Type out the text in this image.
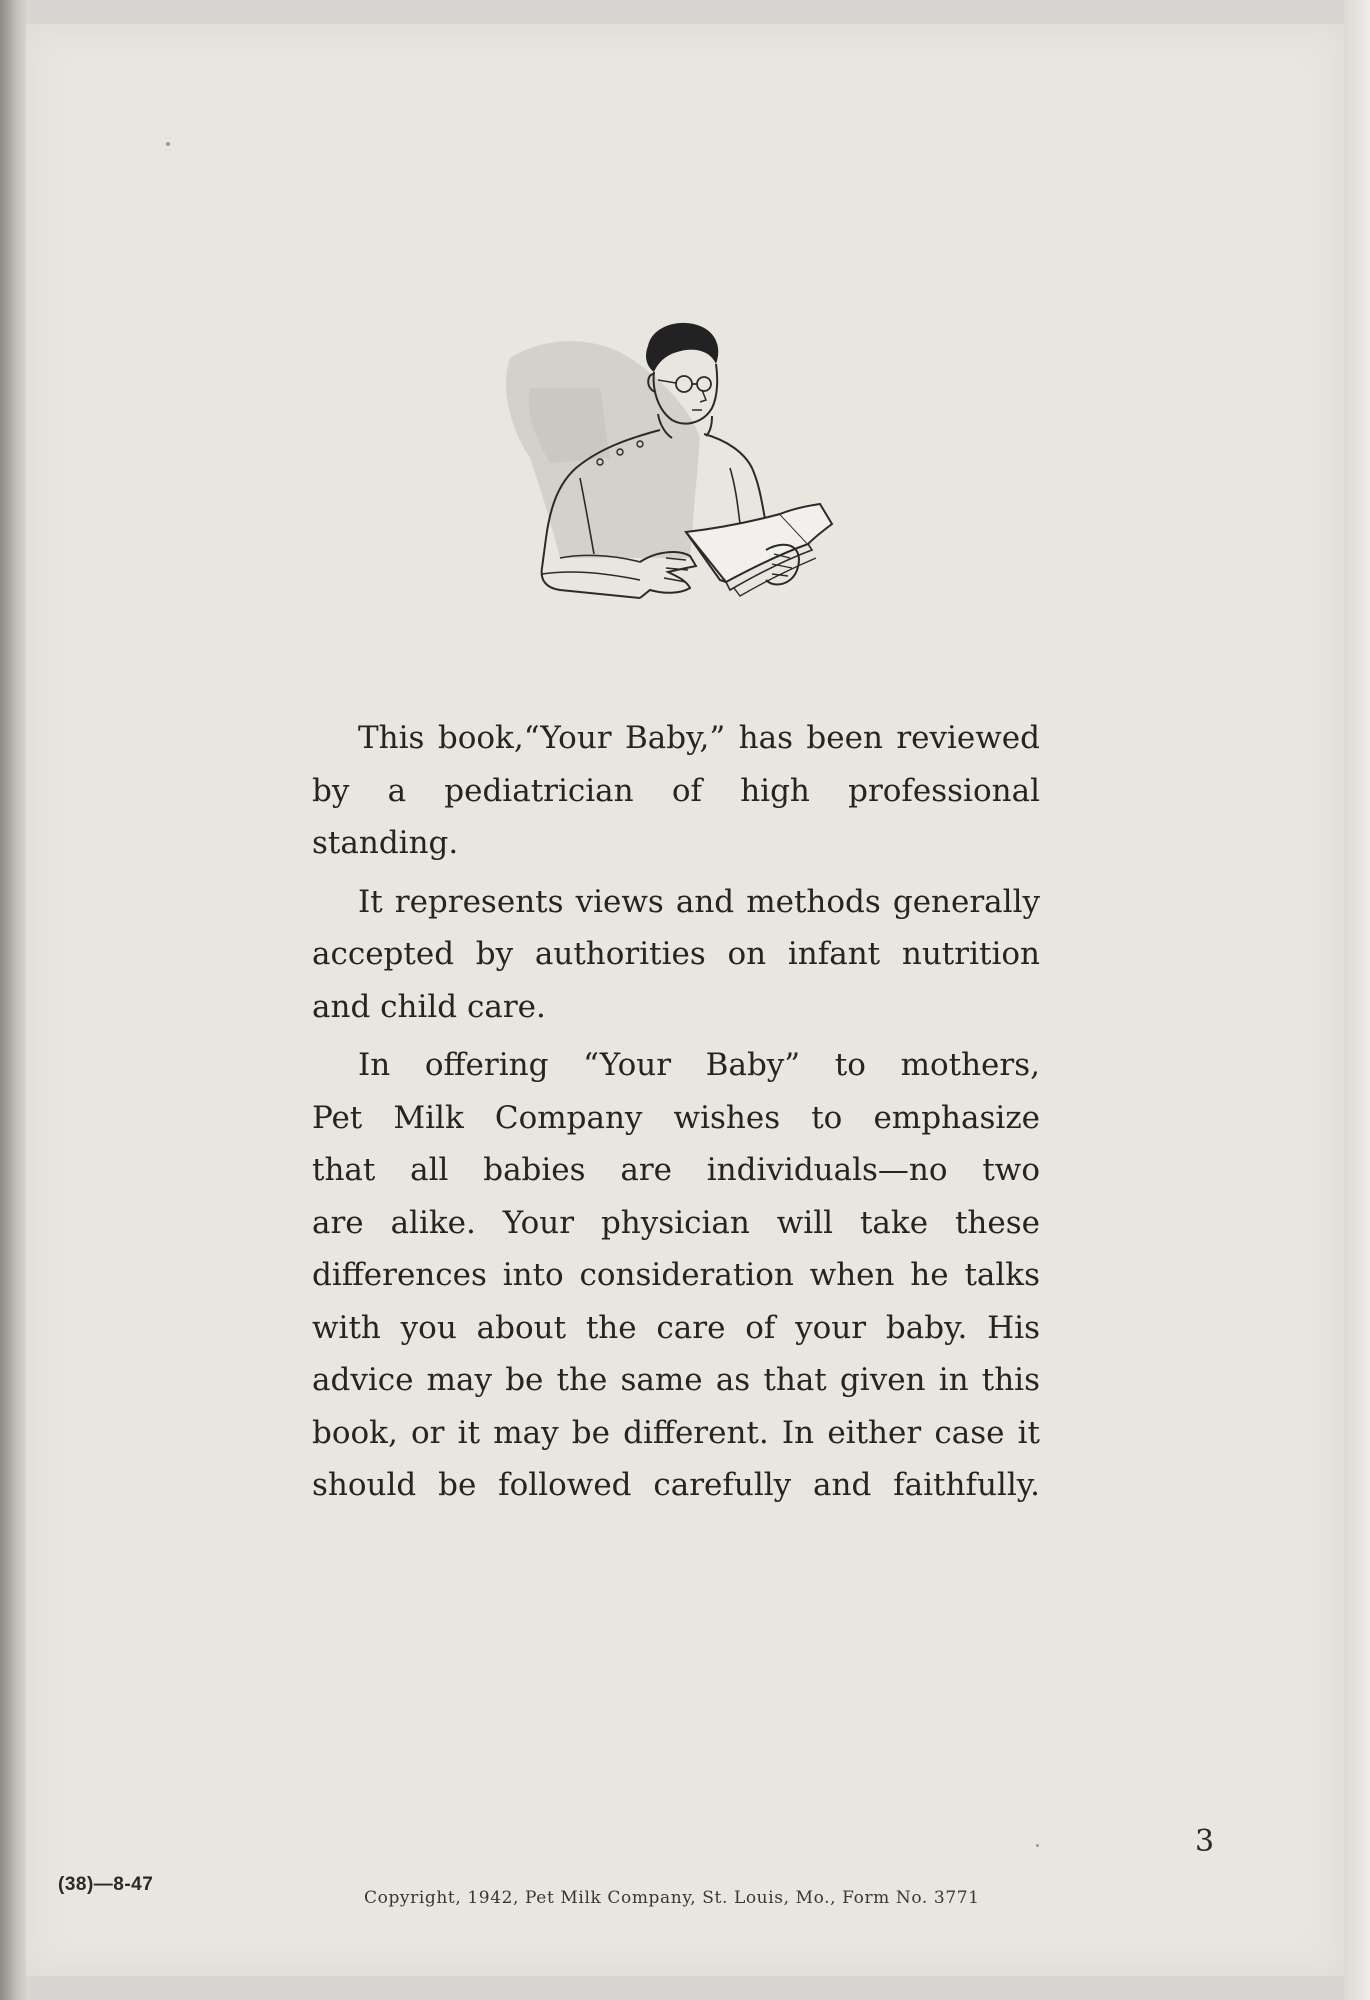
This book,“Your Baby,” has been reviewed
by a pediatrician of high professional standing.
It represents views and methods generally
accepted by authorities on infant nutrition
and child care.
In offering “Your Baby” to mothers,
Pet Milk Company wishes to emphasize
that all babies are individuals—no two
are alike. Your physician will take these
differences into consideration when he talks
with you about the care of your baby. His
advice may be the same as that given in this
book, or it may be different. In either case it
should be followed carefully and faithfully.
3
(38)—8-47
Copyright, 1942, Pet Milk Company, St. Louis, Mo., Form No. 3771
